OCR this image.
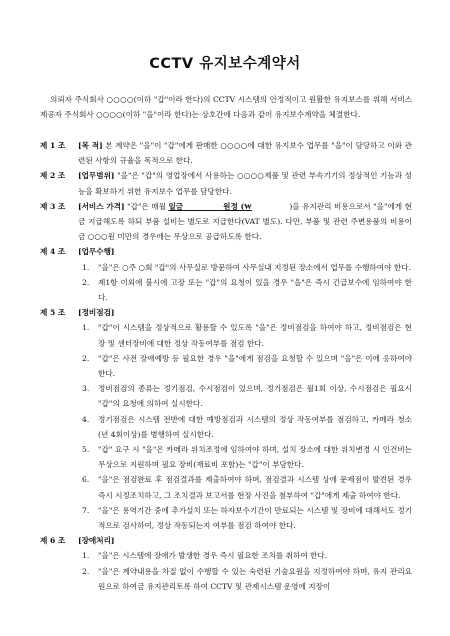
CCTV 유지보수계약서
의뢰자 주식회사 ○○○○(이하 "갑"이라 한다)의 CCTV 시스템의 안정적이고 원활한 유지보스를 위해 서비스제공자 주식회사 ○○○○(이하 "을"이라 한다)는 상호간에 다음과 같이 유지보수계약을 체결한다.
제 1 조	[목 적] 본 계약은 "을"이 "갑"에게 판매한 ○○○○에 대한 유지보수 업무를 "을"이 담당하고 이와 관련된 사항의 규율을 목적으로 한다.
제 2 조	[업무범위] "을"은 "갑"의 영업장에서 사용하는 ○○○○제품 및 관련 부속기기의 정상적인 기능과 성능을 확보하기 위한 유지보수 업무를 담당한다.
제 3 조	[서비스 가격] "갑"은 매월 일금	원정 (₩	)을 유지관리 비용으로서 "을"에게 현금 지급해도록 하되 부품 설비는 별도로 지급한다(VAT 별도). 다만, 부품 및 관련 주변용품의 비용이 금 ○○○원 미만의 경우에는 무상으로 공급하도록 한다.
제 4 조	[업무수행]
1.	"을"은 ○주 ○회 "갑"의 사무실로 방문하여 사무실내 지정된 장소에서 업무를 수행하여야 한다.
2.	제1항 이외에 불시에 고장 또는 "갑"의 요청이 있을 경우 "을"은 즉시 긴급보수에 임하여야 한다.
제 5 조	[정비점검]
1.	"갑"이 시스템을 정상적으로 활용할 수 있도록 "을"은 정비점검을 하여야 하고, 정비점검은 현장 및 센터장비에 대한 정상 작동여부를 점검 한다.
2.	"갑"은 사전 장애예방 등 필요한 경우 "을"에게 점검을 요청할 수 있으며 "을"은 이에 응하여야 한다.
3.	정비점검의 종류는 정기점검, 수시점검이 있으며, 정기점검은 월1회 이상, 수시점검은 필요시 "갑"의 요청에 의하여 실시한다.
4.	정기점검은 시스템 전반에 대한 예방점검과 시스템의 정상 작동여부를 점검하고, 카메라 청소(년 4회이상)를 병행하여 실시한다.
5.	"갑" 요구 시 "을"은 카메라 위치조정에 임하여야 하며, 설치 장소에 대한 위치변경 시 인건비는 무상으로 지원하며 필요 장비(재료비 포함)는 "갑"이 부담한다.
6.	"을"은 점검완료 후 점검결과를 제출하여야 하며, 점검결과 시스템 상에 문제점이 발견된 경우 즉시 시정조치하고, 그 조치결과 보고서를 현장 사진을 첨부하여 "갑"에게 제출 하여야 한다.
7.	"을"은 용역기간 중에 추가설치 또는 하자보수기간이 만료되는 시스템 및 장비에 대해서도 정기적으로 검사하여, 정상 작동되는지 여부를 점검 하여야 한다.
제 6 조	[장애처리]
1.	"을"은 시스템에 장애가 발생한 경우 즉시 필요한 조치를 취하여 한다.
2.	"을"은 계약내용을 차질 없이 수행할 수 있는 숙련된 기술요원을 지정하여야 하며, 유지 관리요원으로 하여금 유지관리토록 하여 CCTV 및 관제시스템 운영에 지장이
